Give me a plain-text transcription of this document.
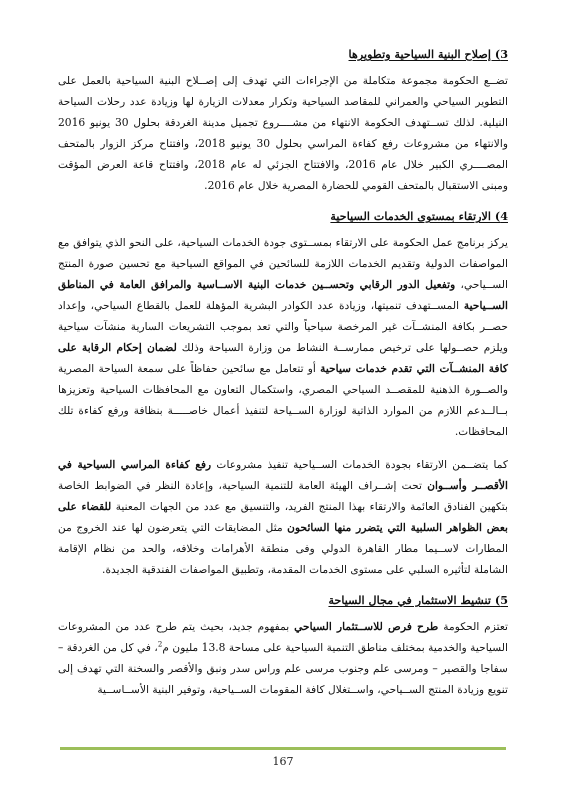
3) إصلاح البنية السياحية وتطويرها

تضــع الحكومة مجموعة متكاملة من الإجراءات التي تهدف إلى إصــلاح البنية السياحية بالعمل على التطوير السياحي والعمراني للمقاصد السياحية وتكرار معدلات الزيارة لها وزيادة عدد رحلات السياحة النيلية. لذلك تســتهدف الحكومة الانتهاء من مشــــروع تجميل مدينة الغردقة بحلول 30 يونيو 2016 والانتهاء من مشروعات رفع كفاءة المراسي بحلول 30 يونيو 2018، وافتتاح مركز الزوار بالمتحف المصــــري الكبير خلال عام 2016، والافتتاح الجزئي له عام 2018، وافتتاح قاعة العرض المؤقت ومبنى الاستقبال بالمتحف القومي للحضارة المصرية خلال عام 2016.

4) الارتقاء بمستوى الخدمات السياحية

يركز برنامج عمل الحكومة على الارتقاء بمســتوى جودة الخدمات السياحية، على النحو الذي يتوافق مع المواصفات الدولية وتقديم الخدمات اللازمة للسائحين في المواقع السياحية مع تحسين صورة المنتج الســياحي، وتفعيل الدور الرقابي وتحســين خدمات البنية الاســاسية والمرافق العامة في المناطق الســياحية المســتهدف تنميتها، وزيادة عدد الكوادر البشرية المؤهلة للعمل بالقطاع السياحي، وإعداد حصــر بكافة المنشــآت غير المرخصة سياحياً والتي تعد بموجب التشريعات السارية منشآت سياحية ويلزم حصــولها على ترخيص ممارســة النشاط من وزارة السياحة وذلك لضمان إحكام الرقابة على كافة المنشــآت التي تقدم خدمات سياحية أو تتعامل مع سائحين حفاظاً على سمعة السياحة المصرية والصــورة الذهنية للمقصــد السياحي المصري، واستكمال التعاون مع المحافظات السياحية وتعزيزها بــالــدعم اللازم من الموارد الذاتية لوزارة الســياحة لتنفيذ أعمال خاصـــــة بنظافة ورفع كفاءة تلك المحافظات.

كما يتضــمن الارتقاء بجودة الخدمات الســياحية تنفيذ مشروعات رفع كفاءة المراسي السياحية في الأقصــر وأســوان تحت إشــراف الهيئة العامة للتنمية السياحية، وإعادة النظر في الضوابط الخاصة بتكهين الفنادق العائمة والارتقاء بهذا المنتج الفريد، والتنسيق مع عدد من الجهات المعنية للقضاء على بعض الظواهر السلبية التي يتضرر منها السائحون مثل المضايقات التي يتعرضون لها عند الخروج من المطارات لاســيما مطار القاهرة الدولي وفى منطقة الأهرامات وخلافه، والحد من نظام الإقامة الشاملة لتأثيره السلبي على مستوى الخدمات المقدمة، وتطبيق المواصفات الفندقية الجديدة.

5) تنشيط الاستثمار في مجال السياحة

تعتزم الحكومة طرح فرص للاســتثمار السياحي بمفهوم جديد، بحيث يتم طرح عدد من المشروعات السياحية والخدمية بمختلف مناطق التنمية السياحية على مساحة 13.8 مليون م$^2$، في كل من الغردقة –سفاجا والقصير – ومرسى علم وجنوب مرسى علم وراس سدر ونبق والأقصر والسخنة التي تهدف إلى تنويع وزيادة المنتج الســياحي، واســتغلال كافة المقومات الســياحية، وتوفير البنية الأســاســية

167
